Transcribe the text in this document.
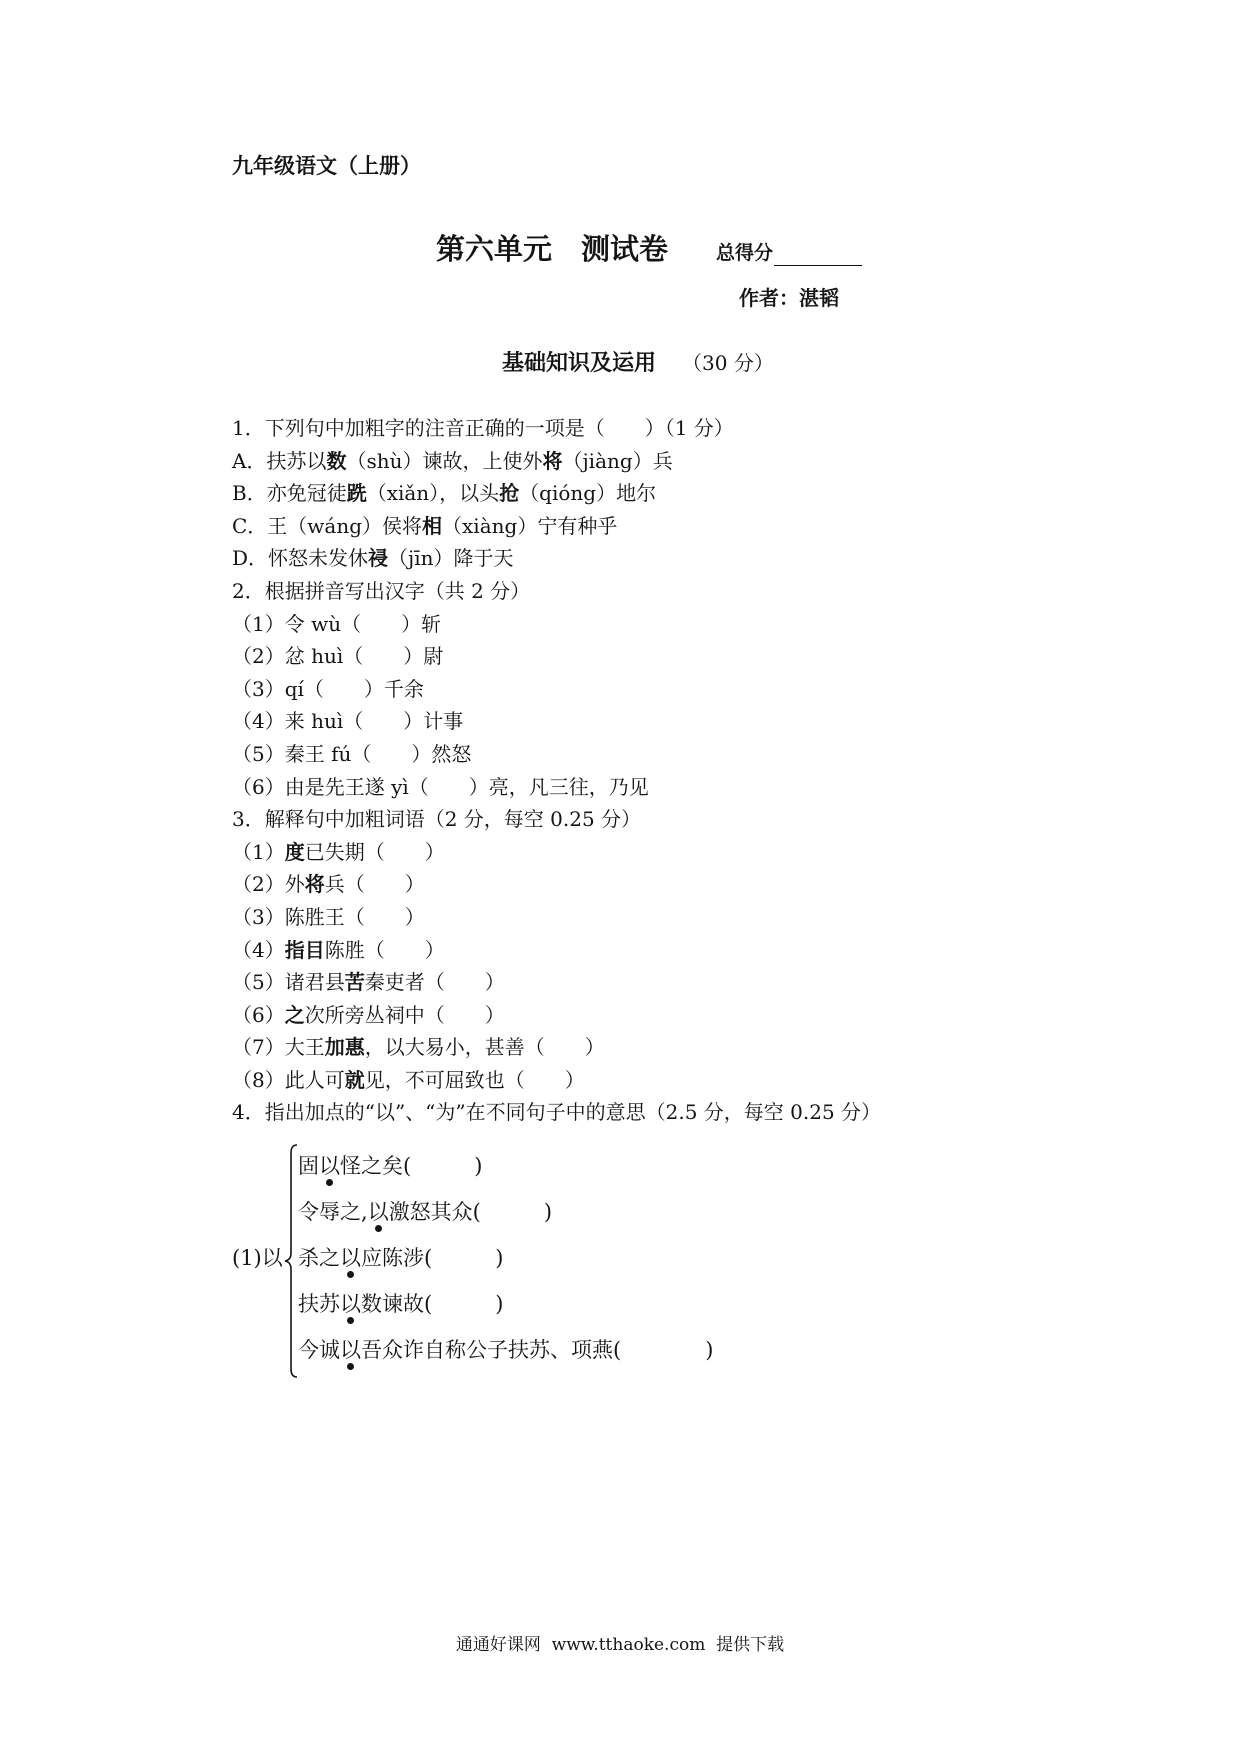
九年级语文（上册）
第六单元　测试卷	总得分
作者：湛韬
基础知识及运用 （30 分）
1．下列句中加粗字的注音正确的一项是（　　）（1 分）
A．扶苏以数（shù）谏故，上使外将（jiàng）兵
B．亦免冠徒跣（xiǎn），以头抢（qióng）地尔
C．王（wáng）侯将相（xiàng）宁有种乎
D．怀怒未发休祲（jīn）降于天
2．根据拼音写出汉字（共 2 分）
（1）令 wù（　　）斩
（2）忿 huì（　　）尉
（3）qí（　　）千余
（4）来 huì（　　）计事
（5）秦王 fú（　　）然怒
（6）由是先王遂 yì（　　）亮，凡三往，乃见
3．解释句中加粗词语（2 分，每空 0.25 分）
（1）度已失期（　　）
（2）外将兵（　　）
（3）陈胜王（　　）
（4）指目陈胜（　　）
（5）诸君县苦秦吏者（　　）
（6）之次所旁丛祠中（　　）
（7）大王加惠，以大易小，甚善（　　）
（8）此人可就见，不可屈致也（　　）
4．指出加点的“以”、“为”在不同句子中的意思（2.5 分，每空 0.25 分）
(1)以
固以怪之矣(　　　)
令辱之,以激怒其众(　　　)
杀之以应陈涉(　　　)
扶苏以数谏故(　　　)
今诚以吾众诈自称公子扶苏、项燕(　　　　)
通通好课网  www.tthaoke.com  提供下载
